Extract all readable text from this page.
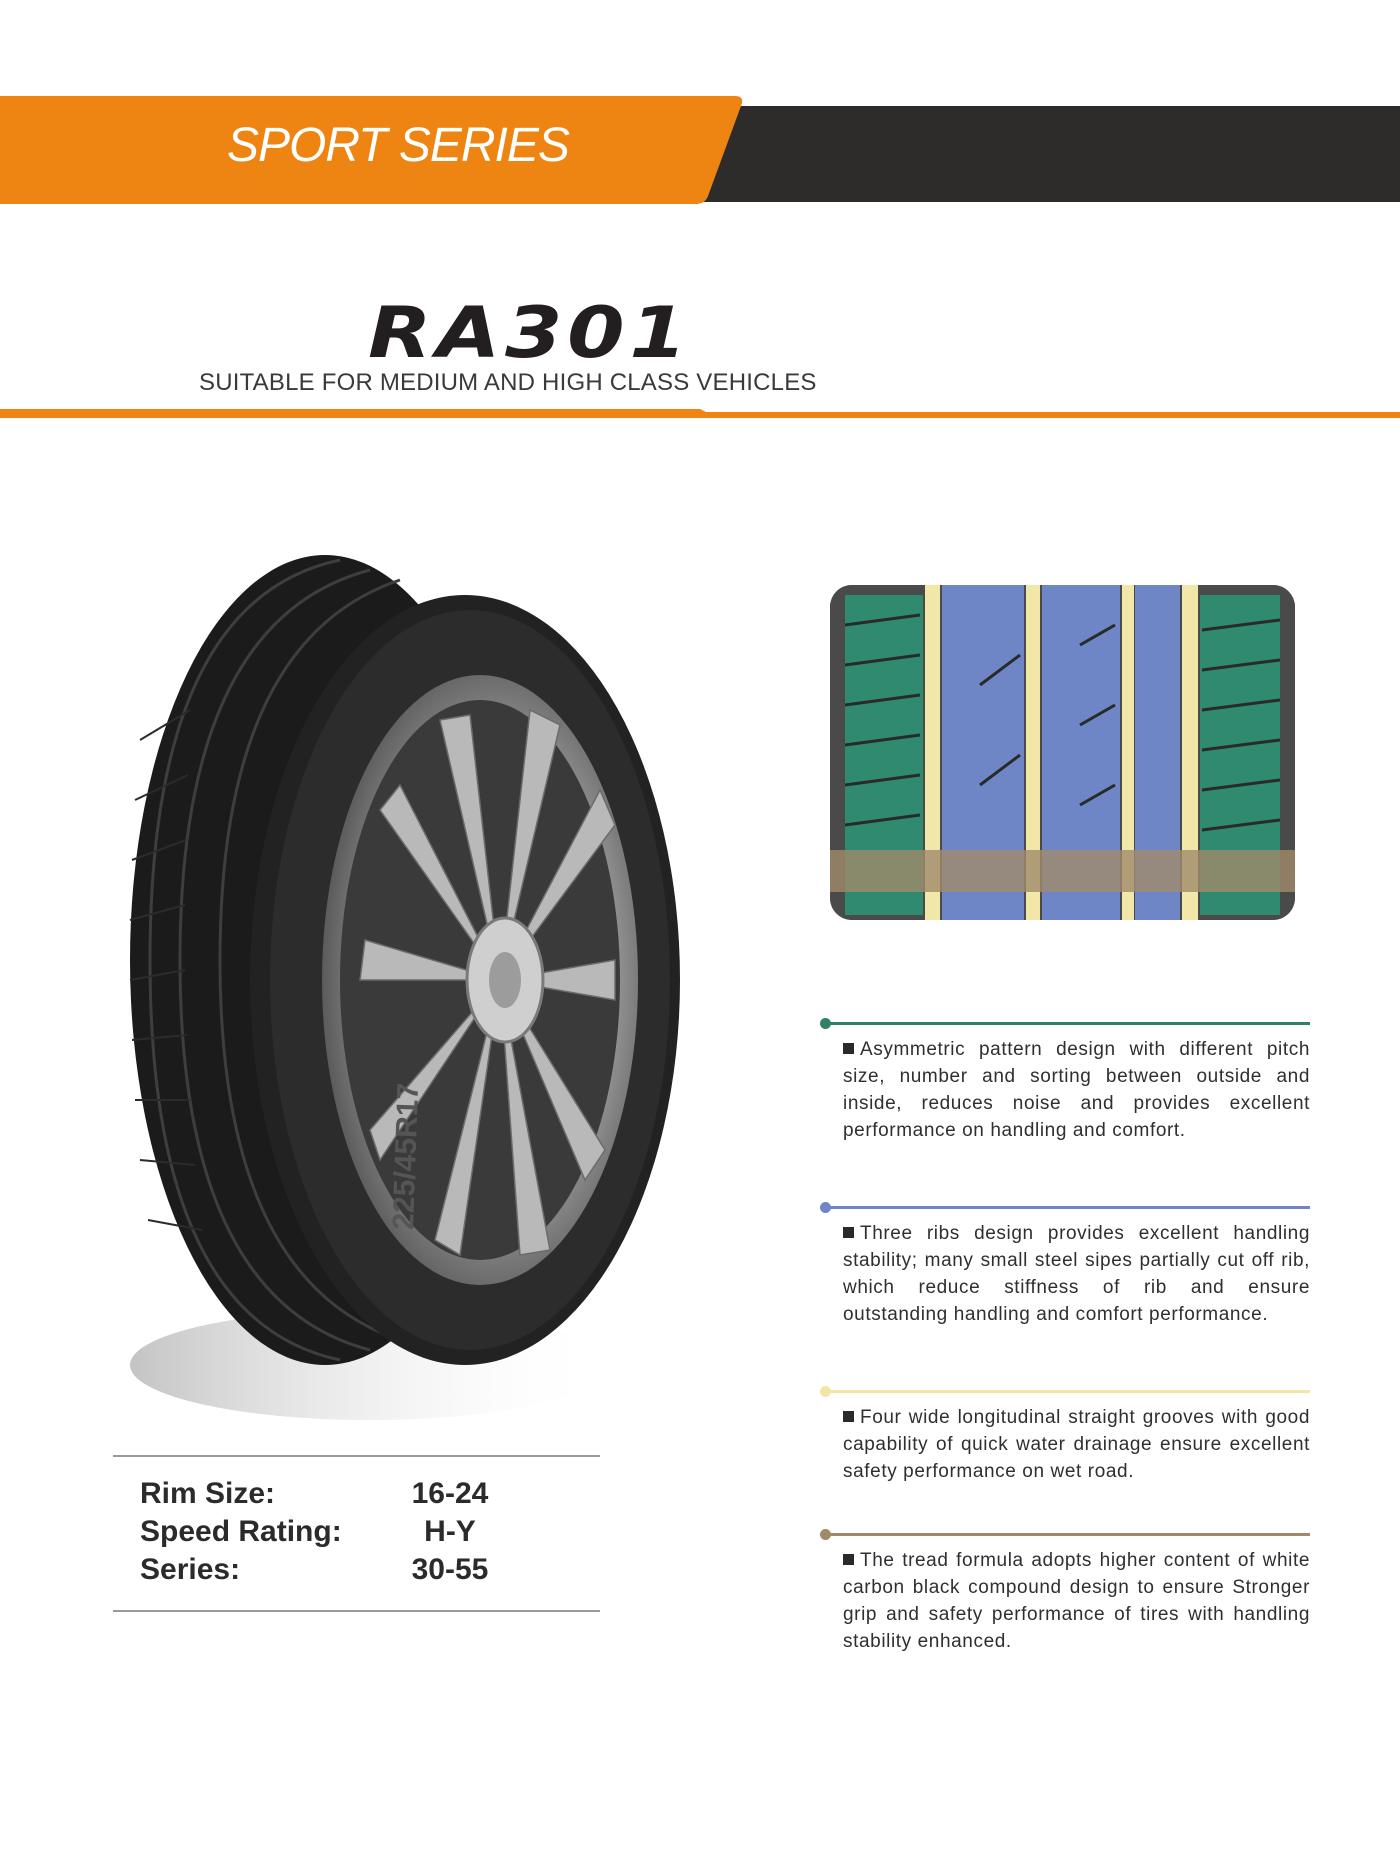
SPORT SERIES
RA301
SUITABLE FOR MEDIUM AND HIGH CLASS VEHICLES
225/45R17
Rim Size:	16-24
Speed Rating:	H-Y
Series:	30-55
Asymmetric pattern design with different pitch size, number and sorting between outside and inside, reduces noise and provides excellent performance on handling and comfort.
Three ribs design provides excellent handling stability; many small steel sipes partially cut off rib, which reduce stiffness of rib and ensure outstanding handling and comfort performance.
Four wide longitudinal straight grooves with good capability of quick water drainage ensure excellent safety performance on wet road.
The tread formula adopts higher content of white carbon black compound design to ensure Stronger grip and safety performance of tires with handling stability enhanced.
